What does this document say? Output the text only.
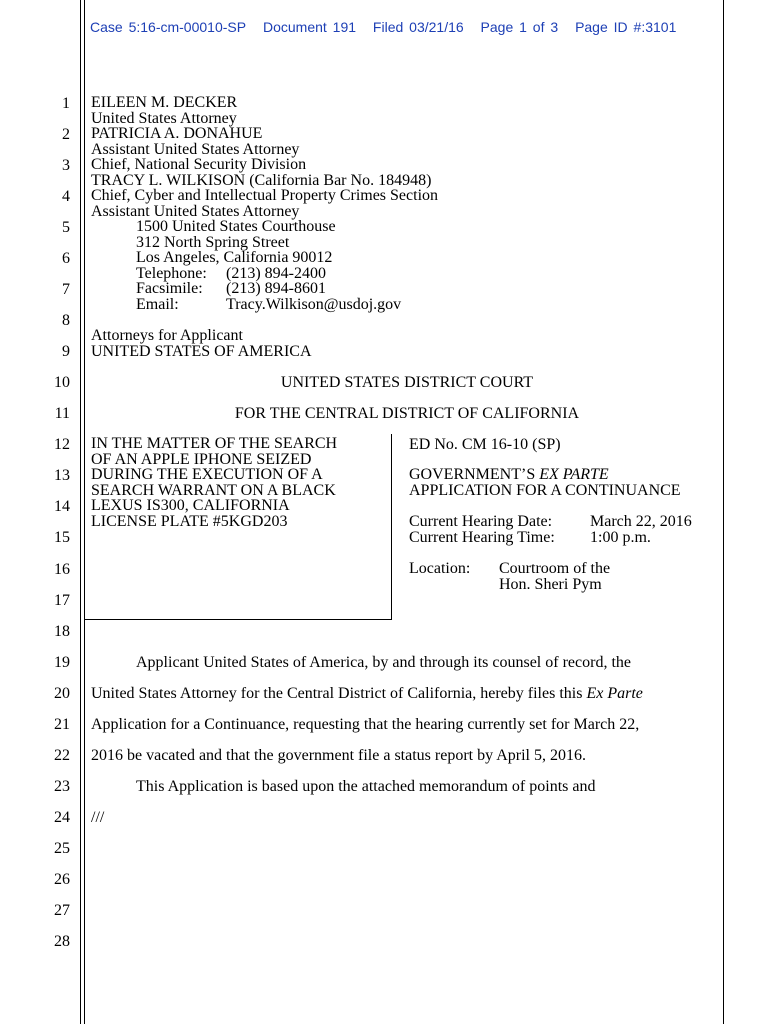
Case 5:16-cm-00010-SP Document 191 Filed 03/21/16 Page 1 of 3 Page ID #:3101
1
2
3
4
5
6
7
8
9
10
11
12
13
14
15
16
17
18
19
20
21
22
23
24
25
26
27
28
EILEEN M. DECKER
United States Attorney
PATRICIA A. DONAHUE
Assistant United States Attorney
Chief, National Security Division
TRACY L. WILKISON (California Bar No. 184948)
Chief, Cyber and Intellectual Property Crimes Section
Assistant United States Attorney
1500 United States Courthouse
312 North Spring Street
Los Angeles, California 90012
Telephone: (213) 894-2400
Facsimile: (213) 894-8601
Email:	Tracy.Wilkison@usdoj.gov
Attorneys for Applicant
UNITED STATES OF AMERICA
UNITED STATES DISTRICT COURT
FOR THE CENTRAL DISTRICT OF CALIFORNIA
IN THE MATTER OF THE SEARCH
OF AN APPLE IPHONE SEIZED
DURING THE EXECUTION OF A
SEARCH WARRANT ON A BLACK
LEXUS IS300, CALIFORNIA
LICENSE PLATE #5KGD203
ED No. CM 16-10 (SP)
GOVERNMENT’S EX PARTE
APPLICATION FOR A CONTINUANCE
Current Hearing Date: March 22, 2016
Current Hearing Time: 1:00 p.m.
Location: Courtroom of the
Hon. Sheri Pym
Applicant United States of America, by and through its counsel of record, the
United States Attorney for the Central District of California, hereby files this Ex Parte
Application for a Continuance, requesting that the hearing currently set for March 22,
2016 be vacated and that the government file a status report by April 5, 2016.
This Application is based upon the attached memorandum of points and
///
